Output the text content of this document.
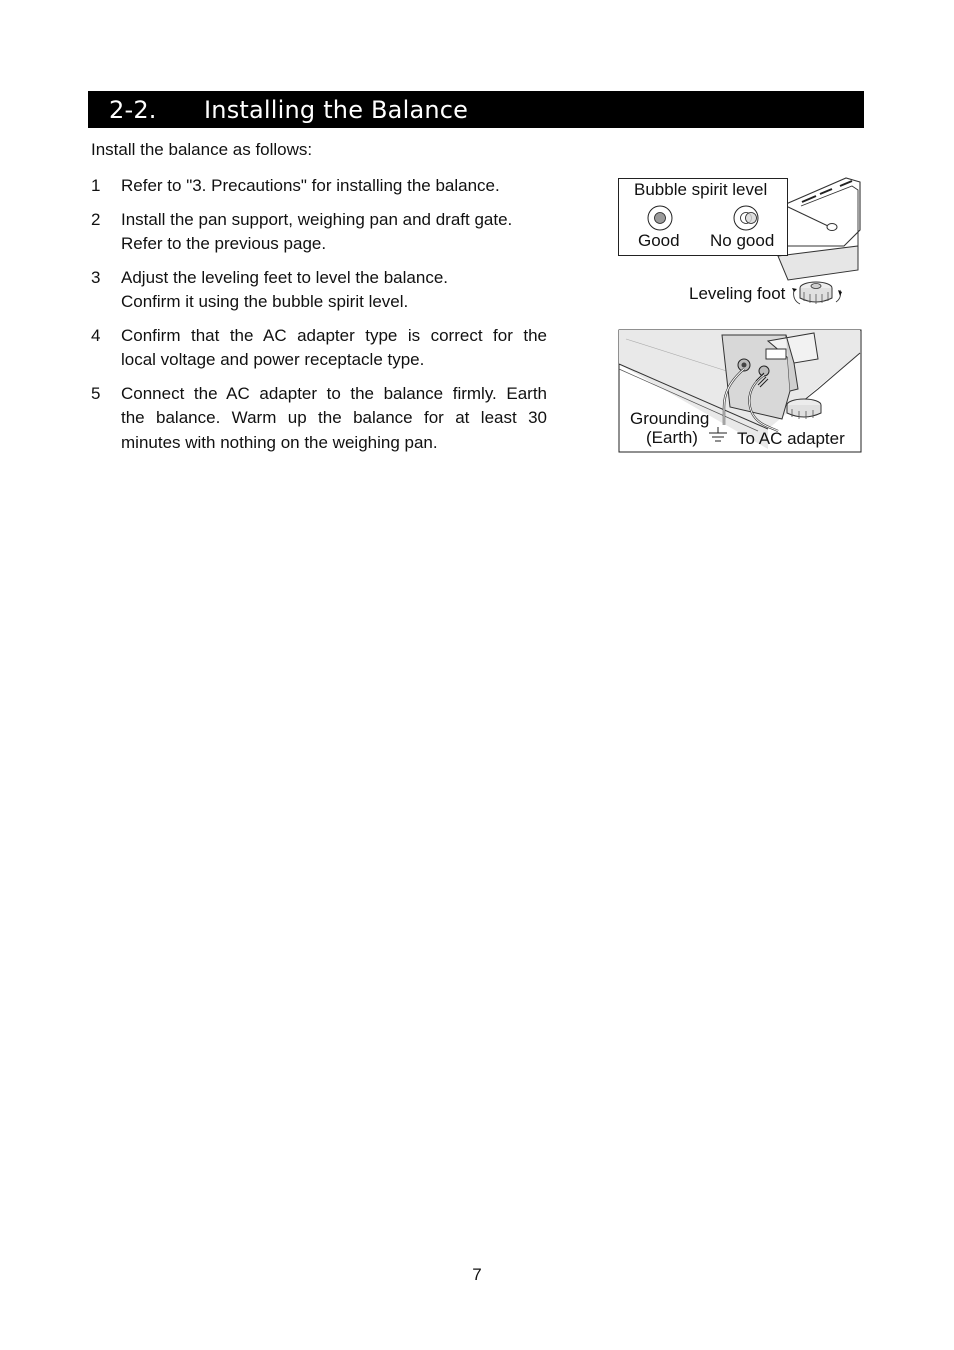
2-2. Installing the Balance
Install the balance as follows:
1 Refer to "3. Precautions" for installing the balance.
2 Install the pan support, weighing pan and draft gate.
Refer to the previous page.
3 Adjust the leveling feet to level the balance.
Confirm it using the bubble spirit level.
4 Confirm that the AC adapter type is correct for the
local voltage and power receptacle type.
5 Connect the AC adapter to the balance firmly. Earth
the balance. Warm up the balance for at least 30
minutes with nothing on the weighing pan.
Bubble spirit level
Good No good
Leveling foot
Grounding
(Earth) To AC adapter
7
